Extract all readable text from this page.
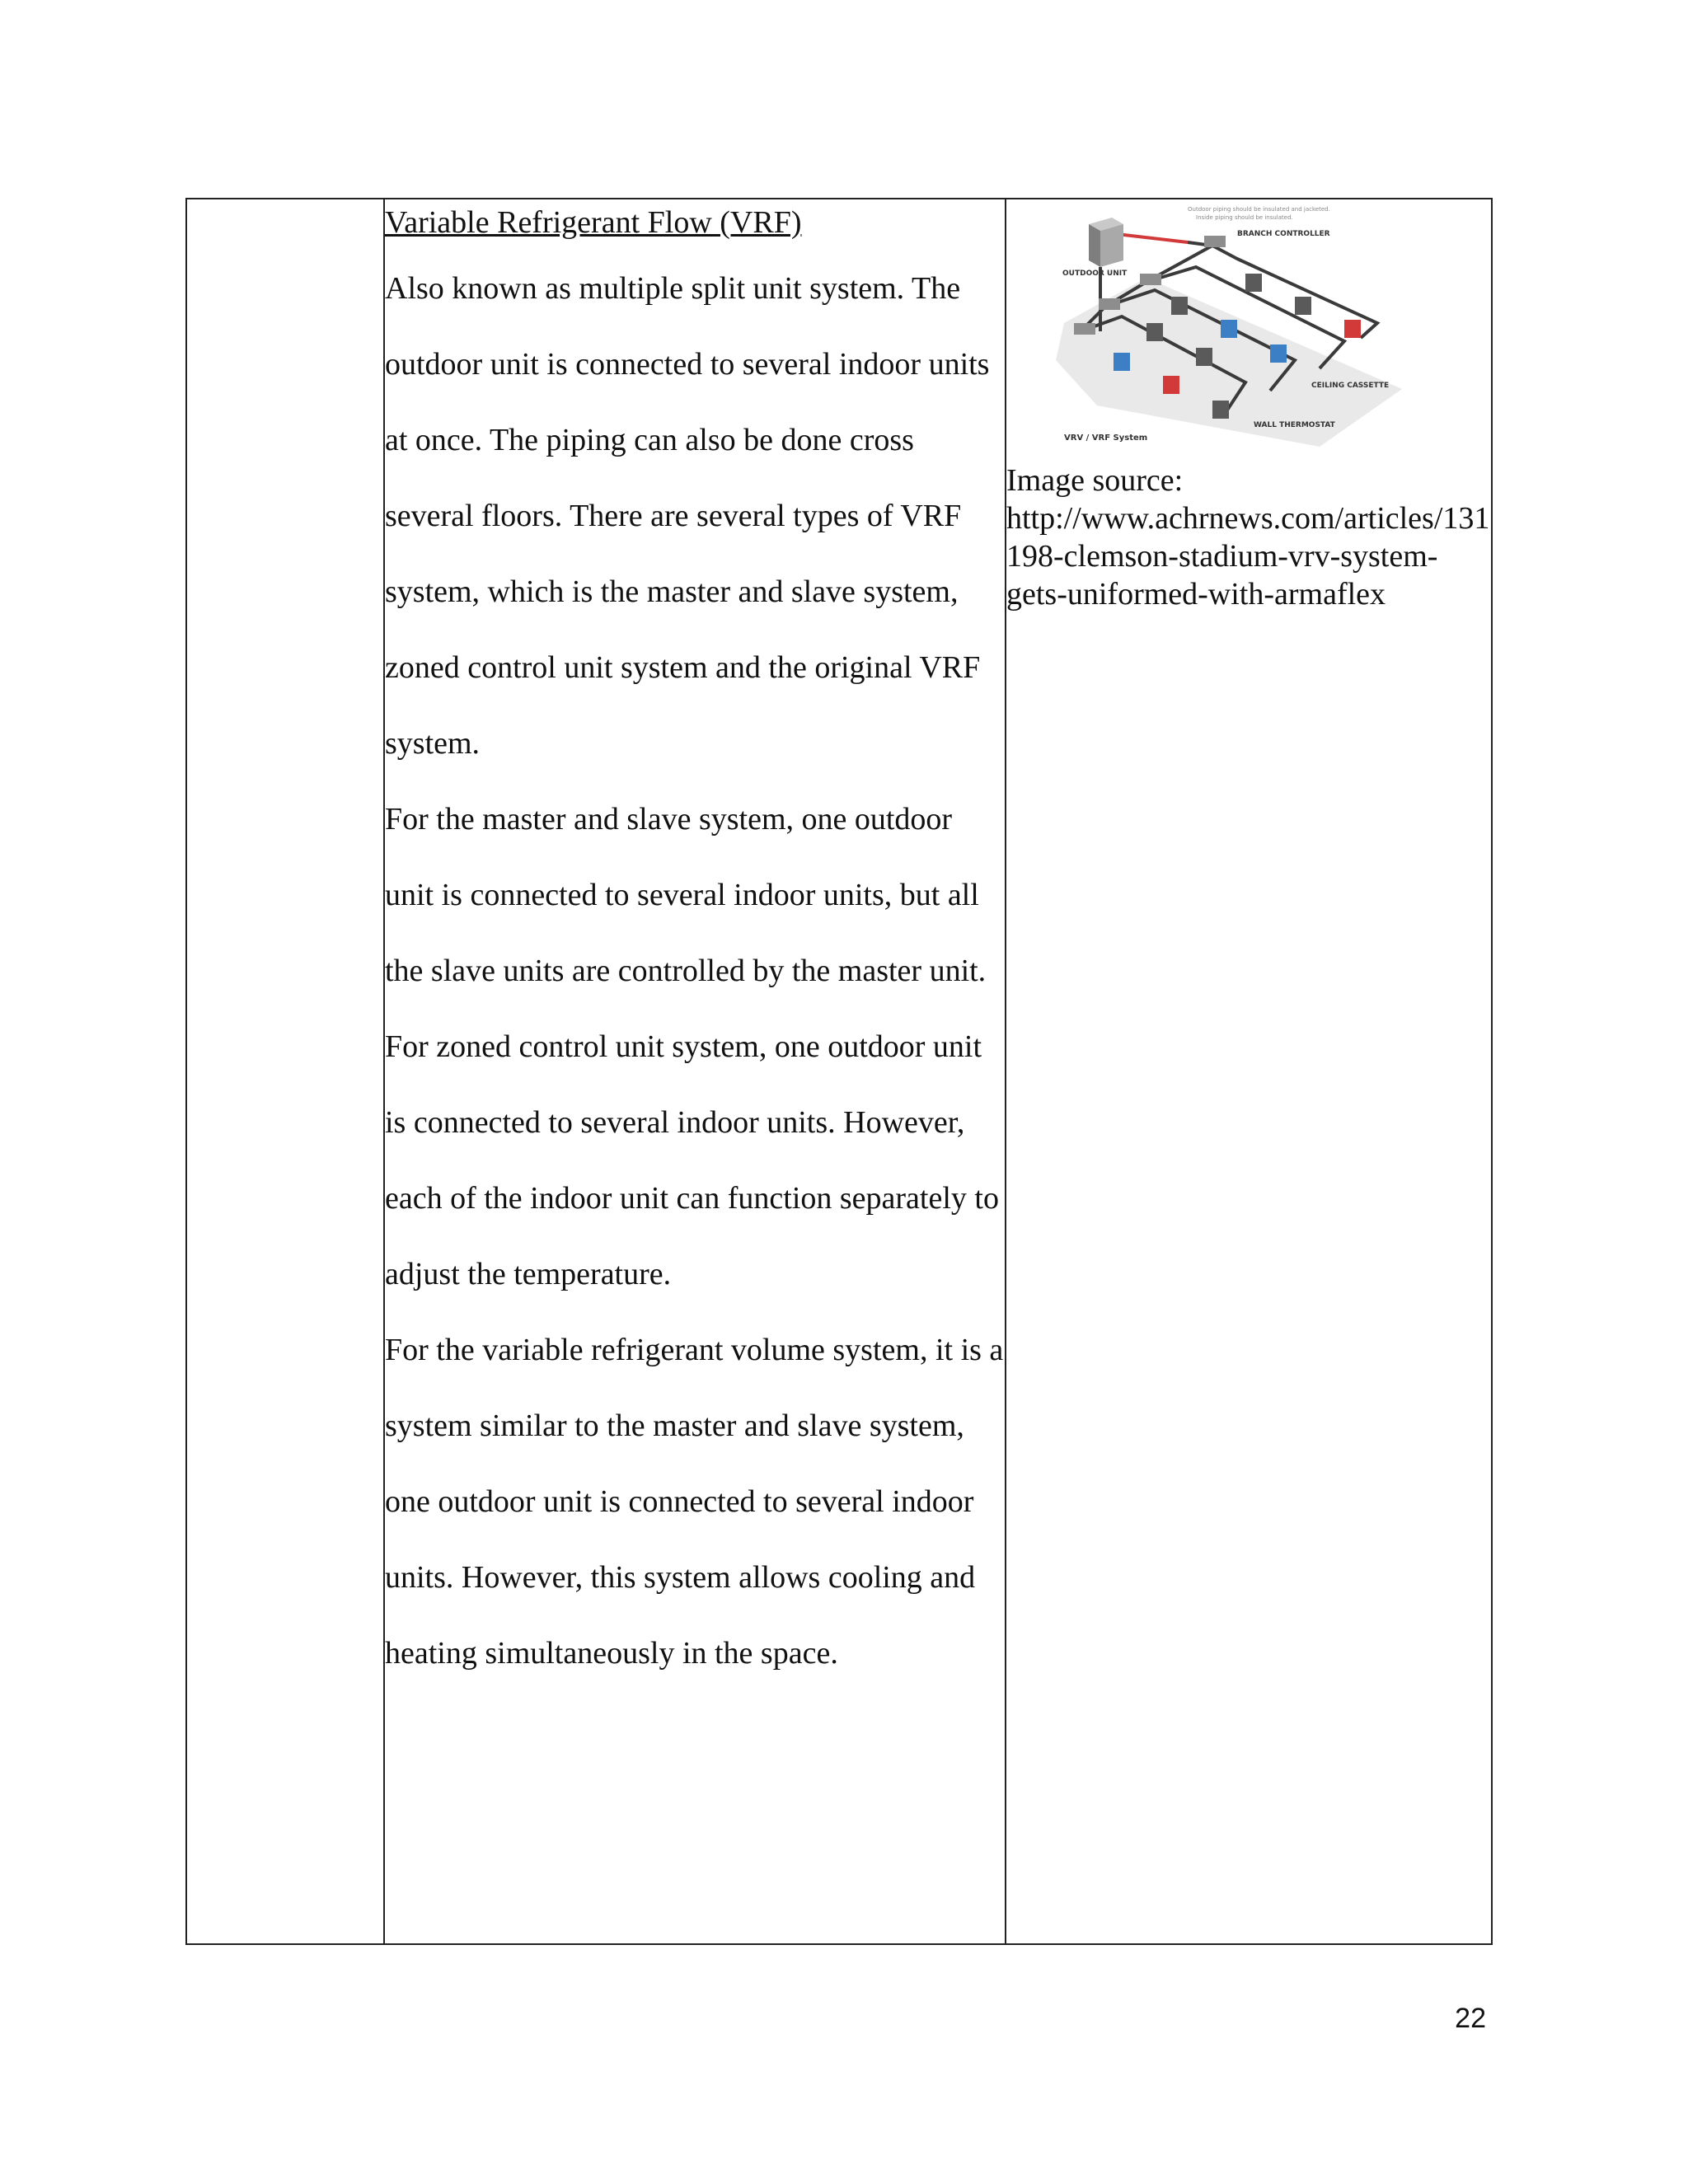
Variable Refrigerant Flow (VRF)

Also known as multiple split unit system. The outdoor unit is connected to several indoor units at once. The piping can also be done cross several floors. There are several types of VRF system, which is the master and slave system, zoned control unit system and the original VRF system.

For the master and slave system, one outdoor unit is connected to several indoor units, but all the slave units are controlled by the master unit.

For zoned control unit system, one outdoor unit is connected to several indoor units. However, each of the indoor unit can function separately to adjust the temperature.

For the variable refrigerant volume system, it is a system similar to the master and slave system, one outdoor unit is connected to several indoor units. However, this system allows cooling and heating simultaneously in the space.

Outdoor piping should be insulated and jacketed.
Inside piping should be insulated.
OUTDOOR UNIT
BRANCH CONTROLLER
CEILING CASSETTE
WALL THERMOSTAT
VRV / VRF System
Image source:
http://www.achrnews.com/articles/131198-clemson-stadium-vrv-system-gets-uniformed-with-armaflex
22
